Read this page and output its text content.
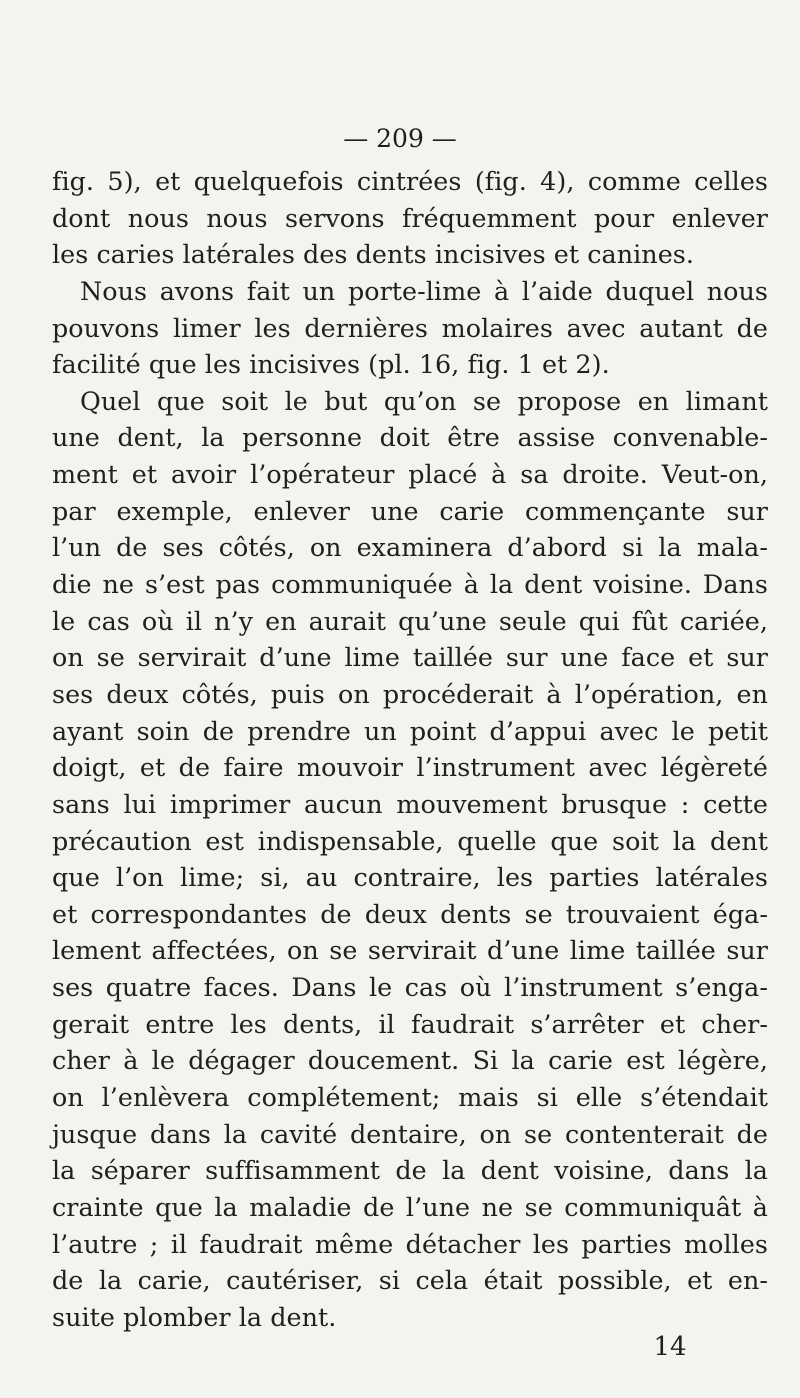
— 209 —
fig. 5), et quelquefois cintrées (fig. 4), comme celles
dont nous nous servons fréquemment pour enlever
les caries latérales des dents incisives et canines.
Nous avons fait un porte-lime à l’aide duquel nous
pouvons limer les dernières molaires avec autant de
facilité que les incisives (pl. 16, fig. 1 et 2).
Quel que soit le but qu’on se propose en limant
une dent, la personne doit être assise convenable-
ment et avoir l’opérateur placé à sa droite. Veut-on,
par exemple, enlever une carie commençante sur
l’un de ses côtés, on examinera d’abord si la mala-
die ne s’est pas communiquée à la dent voisine. Dans
le cas où il n’y en aurait qu’une seule qui fût cariée,
on se servirait d’une lime taillée sur une face et sur
ses deux côtés, puis on procéderait à l’opération, en
ayant soin de prendre un point d’appui avec le petit
doigt, et de faire mouvoir l’instrument avec légèreté
sans lui imprimer aucun mouvement brusque : cette
précaution est indispensable, quelle que soit la dent
que l’on lime; si, au contraire, les parties latérales
et correspondantes de deux dents se trouvaient éga-
lement affectées, on se servirait d’une lime taillée sur
ses quatre faces. Dans le cas où l’instrument s’enga-
gerait entre les dents, il faudrait s’arrêter et cher-
cher à le dégager doucement. Si la carie est légère,
on l’enlèvera complétement; mais si elle s’étendait
jusque dans la cavité dentaire, on se contenterait de
la séparer suffisamment de la dent voisine, dans la
crainte que la maladie de l’une ne se communiquât à
l’autre ; il faudrait même détacher les parties molles
de la carie, cautériser, si cela était possible, et en-
suite plomber la dent.
14
